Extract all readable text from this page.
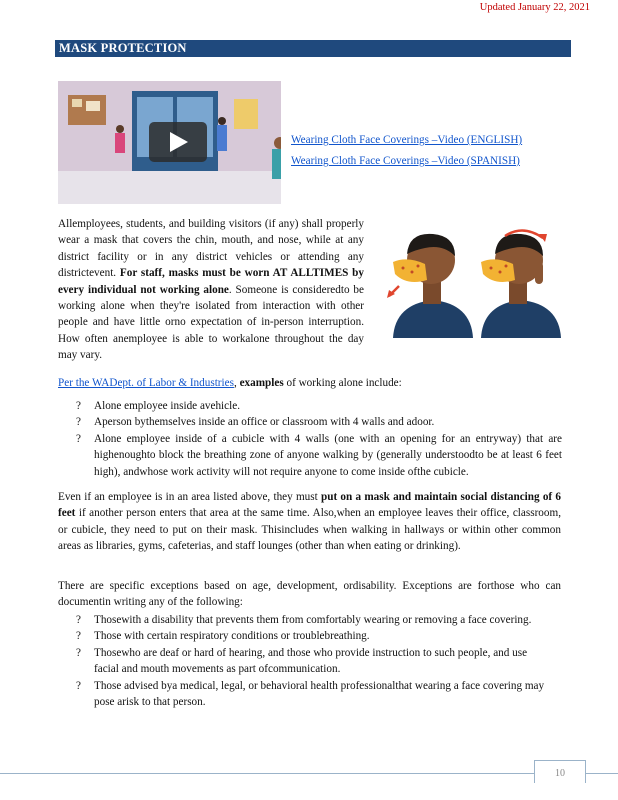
Updated January 22, 2021
MASK PROTECTION
Wearing Cloth Face Coverings –Video (ENGLISH)
Wearing Cloth Face Coverings –Video (SPANISH)

Allemployees, students, and building visitors (if any) shall properly wear a mask that covers the chin, mouth, and nose, while at any district facility or in any district vehicles or attending any districtevent. For staff, masks must be worn AT ALLTIMES by every individual not working alone. Someone is consideredto be working alone when they're isolated from interaction with other people and have little orno expectation of in-person interruption. How often anemployee is able to workalone throughout the day may vary.

Per the WADept. of Labor & Industries, examples of working alone include:
? Alone employee inside avehicle.
? Aperson bythemselves inside an office or classroom with 4 walls and adoor.
? Alone employee inside of a cubicle with 4 walls (one with an opening for an entryway) that are highenoughto block the breathing zone of anyone walking by (generally understoodto be at least 6 feet high), andwhose work activity will not require anyone to come inside ofthe cubicle.

Even if an employee is in an area listed above, they must put on a mask and maintain social distancing of 6 feet if another person enters that area at the same time. Also,when an employee leaves their office, classroom, or cubicle, they need to put on their mask. Thisincludes when walking in hallways or within other common areas as libraries, gyms, cafeterias, and staff lounges (other than when eating or drinking).

There are specific exceptions based on age, development, ordisability. Exceptions are forthose who can documentin writing any of the following:

? Thosewith a disability that prevents them from comfortably wearing or removing a face covering.
? Those with certain respiratory conditions or troublebreathing.
? Thosewho are deaf or hard of hearing, and those who provide instruction to such people, and use facial and mouth movements as part ofcommunication.
? Those advised bya medical, legal, or behavioral health professionalthat wearing a face covering may pose arisk to that person.
10
